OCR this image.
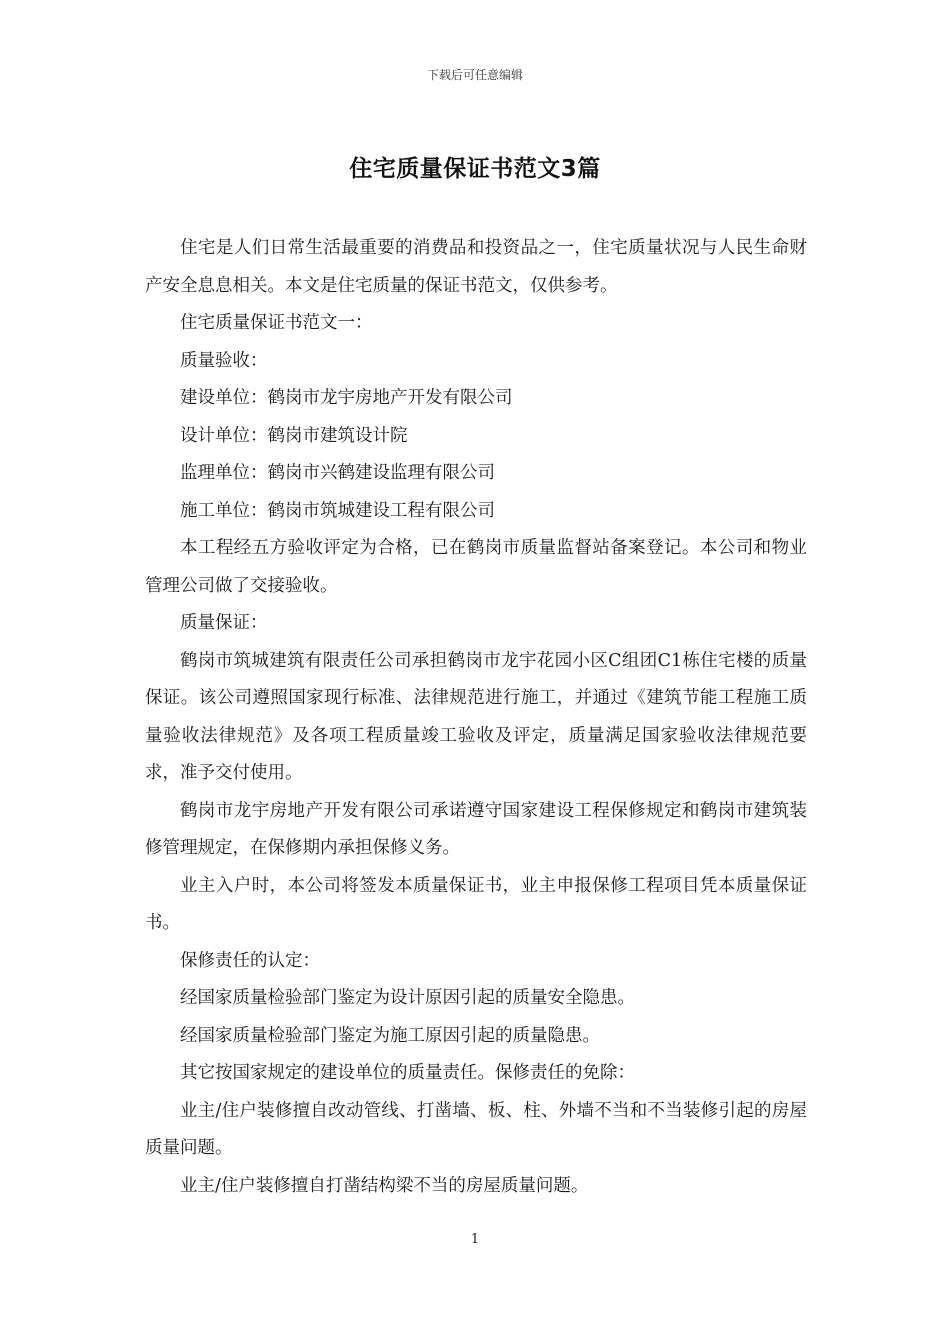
下载后可任意编辑
住宅质量保证书范文3篇

住宅是人们日常生活最重要的消费品和投资品之一，住宅质量状况与人民生命财产安全息息相关。本文是住宅质量的保证书范文，仅供参考。

住宅质量保证书范文一：

质量验收：

建设单位：鹤岗市龙宇房地产开发有限公司

设计单位：鹤岗市建筑设计院

监理单位：鹤岗市兴鹤建设监理有限公司

施工单位：鹤岗市筑城建设工程有限公司

本工程经五方验收评定为合格，已在鹤岗市质量监督站备案登记。本公司和物业管理公司做了交接验收。

质量保证：

鹤岗市筑城建筑有限责任公司承担鹤岗市龙宇花园小区C组团C1栋住宅楼的质量保证。该公司遵照国家现行标准、法律规范进行施工，并通过《建筑节能工程施工质量验收法律规范》及各项工程质量竣工验收及评定，质量满足国家验收法律规范要求，准予交付使用。

鹤岗市龙宇房地产开发有限公司承诺遵守国家建设工程保修规定和鹤岗市建筑装修管理规定，在保修期内承担保修义务。

业主入户时，本公司将签发本质量保证书，业主申报保修工程项目凭本质量保证书。

保修责任的认定：

经国家质量检验部门鉴定为设计原因引起的质量安全隐患。

经国家质量检验部门鉴定为施工原因引起的质量隐患。

其它按国家规定的建设单位的质量责任。保修责任的免除：

业主/住户装修擅自改动管线、打凿墙、板、柱、外墙不当和不当装修引起的房屋质量问题。

业主/住户装修擅自打凿结构梁不当的房屋质量问题。

1
